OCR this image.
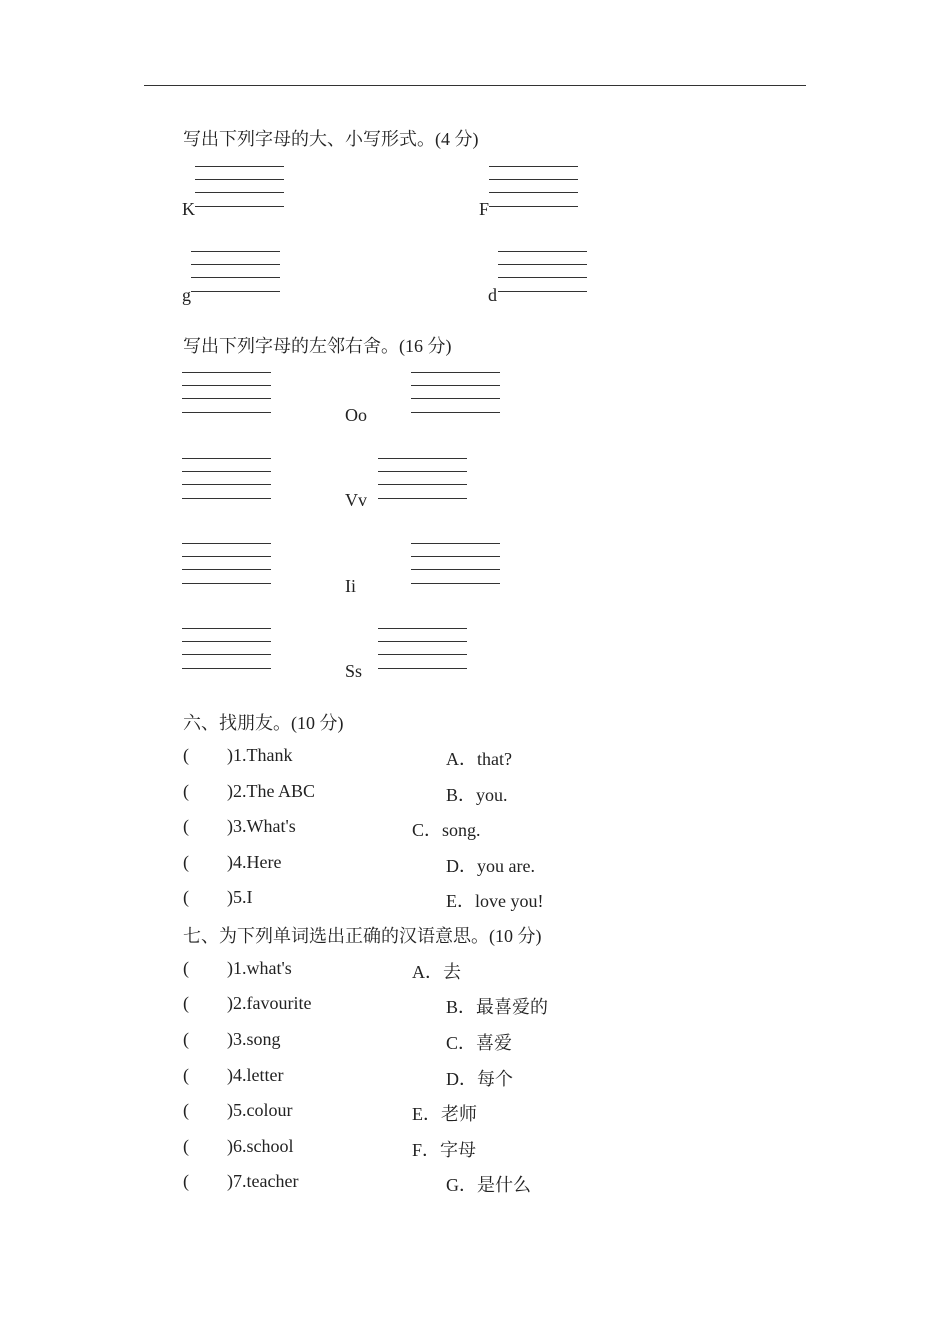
写出下列字母的大、小写形式。(4 分)
K	F
g	d
写出下列字母的左邻右舍。(16 分)
Oo
Vv
Ii
Ss
六、找朋友。(10 分)
( )1.Thank	A．that?
( )2.The ABC	B．you.
( )3.What's	C．song.
( )4.Here	D．you are.
( )5.I	E．love you!
七、为下列单词选出正确的汉语意思。(10 分)
( )1.what's	A．去
( )2.favourite	B．最喜爱的
( )3.song	C．喜爱
( )4.letter	D．每个
( )5.colour	E．老师
( )6.school	F．字母
( )7.teacher	G．是什么
